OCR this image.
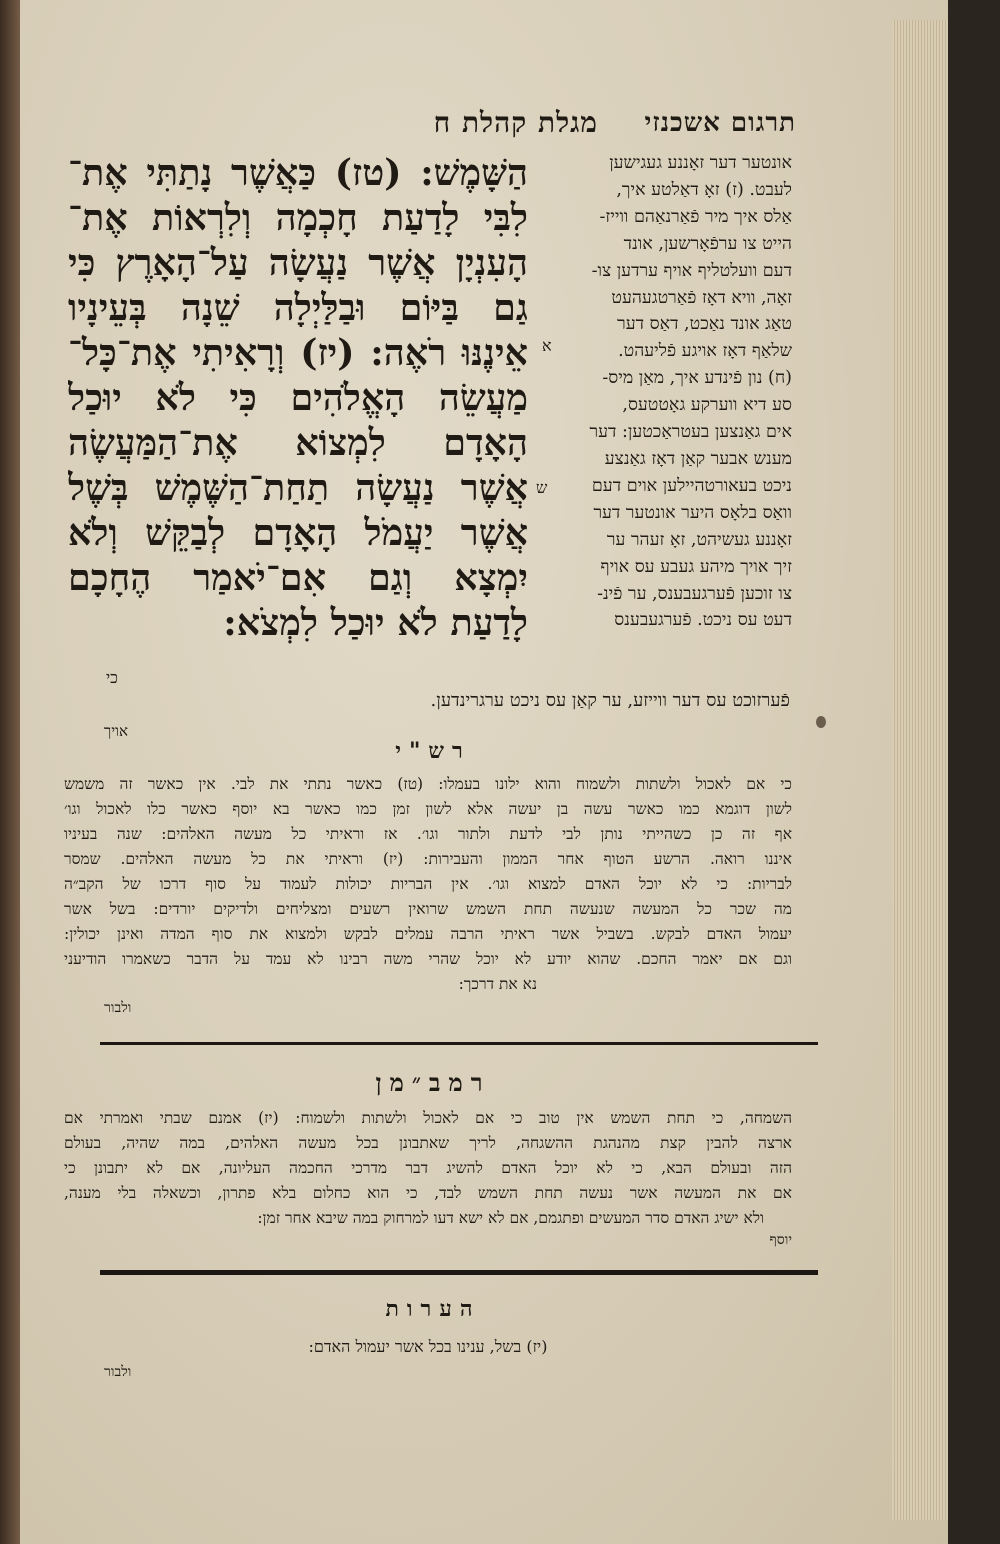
תרגום אשכנזי
מגלת קהלת ח
אונטער דער זאָננע געגישען
לעבט. (ז) זאָ דאַלטע איך,
אַלס איך מיר פֿאַרנאַהם ווייז-
הייט צו ערפֿאָרשען, אונד
דעם וועלטליף אויף ערדען צו-
זאָה, וויא דאָז פֿאַרטגעהעט
טאַג אונד נאַכט, דאַס דער
שלאַף דאָז אויגע פֿליעהט.
(ח) נון פֿינדע איך, מאַן מיס-
סע דיא ווערקע גאָטטעס,
אים גאַנצען בעטראַכטען: דער
מענש אבער קאַן דאָז גאַנצע
ניכט בעאורטהיילען אוים דעם
וואַס בלאָס היער אונטער דער
זאָננע געשיהט, זאָ זעהר ער
זיך אויך מיהע געבע עס אויף
צו זוכען פֿערגעבענס, ער פֿינ-
דעט עס ניכט. פֿערגעבענס
הַשָּׁמֶשׁ: (טז) כַּאֲשֶׁר נָתַתִּי אֶת־
לִבִּי לָדַעַת חָכְמָה וְלִרְאוֹת אֶת־
הָעִנְיָן אֲשֶׁר נַעֲשָׂה עַל־הָאָרֶץ כִּי
גַם בַּיּוֹם וּבַלַּיְלָה שֵׁנָה בְּעֵינָיו
אֵינֶנּוּ רֹאֶה: (יז) וְרָאִיתִי אֶת־כָּל־
מַעֲשֵׂה הָאֱלֹהִים כִּי לֹא יוּכַל
הָאָדָם לִמְצוֹא אֶת־הַמַּעֲשֶׂה
אֲשֶׁר נַעֲשָׂה תַחַת־הַשֶּׁמֶשׁ בְּשֶׁל
אֲשֶׁר יַעֲמֹל הָאָדָם לְבַקֵּשׁ וְלֹא
יִמְצָא וְגַם אִם־יֹאמַר הֶחָכָם
לָדַעַת לֹא יוּכַל לִמְצֹא:
א
ש
כי
פֿערזוכט עס דער ווייזע, ער קאַן עס ניכט ערגרינדען.
אויך
רש"י
כי אם לאכול ולשתות ולשמוח והוא ילונו בעמלו: (טז) כאשר נתתי את לבי. אין כאשר זה משמש
לשון דוגמא כמו כאשר עשה בן יעשה אלא לשון זמן כמו כאשר בא יוסף כאשר כלו לאכול וגו׳
אף זה כן כשהייתי נותן לבי לדעת ולתור וגו׳. אז וראיתי כל מעשה האלהים: שנה בעיניו
איננו רואה. הרשע הטוף אחר הממון והעבירות: (יז) וראיתי את כל מעשה האלהים. שמסר
לבריות: כי לא יוכל האדם למצוא וגו׳. אין הבריות יכולות לעמוד על סוף דרכו של הקב״ה
מה שכר כל המעשה שנעשה תחת השמש שרואין רשעים ומצליחים ולדיקים יורדים: בשל אשר
יעמול האדם לבקש. בשביל אשר ראיתי הרבה עמלים לבקש ולמצוא את סוף המדה ואינן יכולין:
וגם אם יאמר החכם. שהוא יודע לא יוכל שהרי משה רבינו לא עמד על הדבר כשאמרו הודיעני
נא את דרכך:
ולבור
רמב״מן
השמחה, כי תחת השמש אין טוב כי אם לאכול ולשתות ולשמוח: (יז) אמנם שבתי ואמרתי אם
ארצה להבין קצת מהנהגת ההשגחה, לריך שאתבונן בכל מעשה האלהים, במה שהיה, בעולם
הזה ובעולם הבא, כי לא יוכל האדם להשיג דבר מדרכי החכמה העליונה, אם לא יתבונן כי
אם את המעשה אשר נעשה תחת השמש לבד, כי הוא כחלום בלא פתרון, וכשאלה בלי מענה,
ולא ישיג האדם סדר המעשים ופתגמם, אם לא ישא דעו למרחוק במה שיבא אחר זמן:
יוסף
הערות
(יז) בשל, ענינו בכל אשר יעמול האדם:
ולבור
